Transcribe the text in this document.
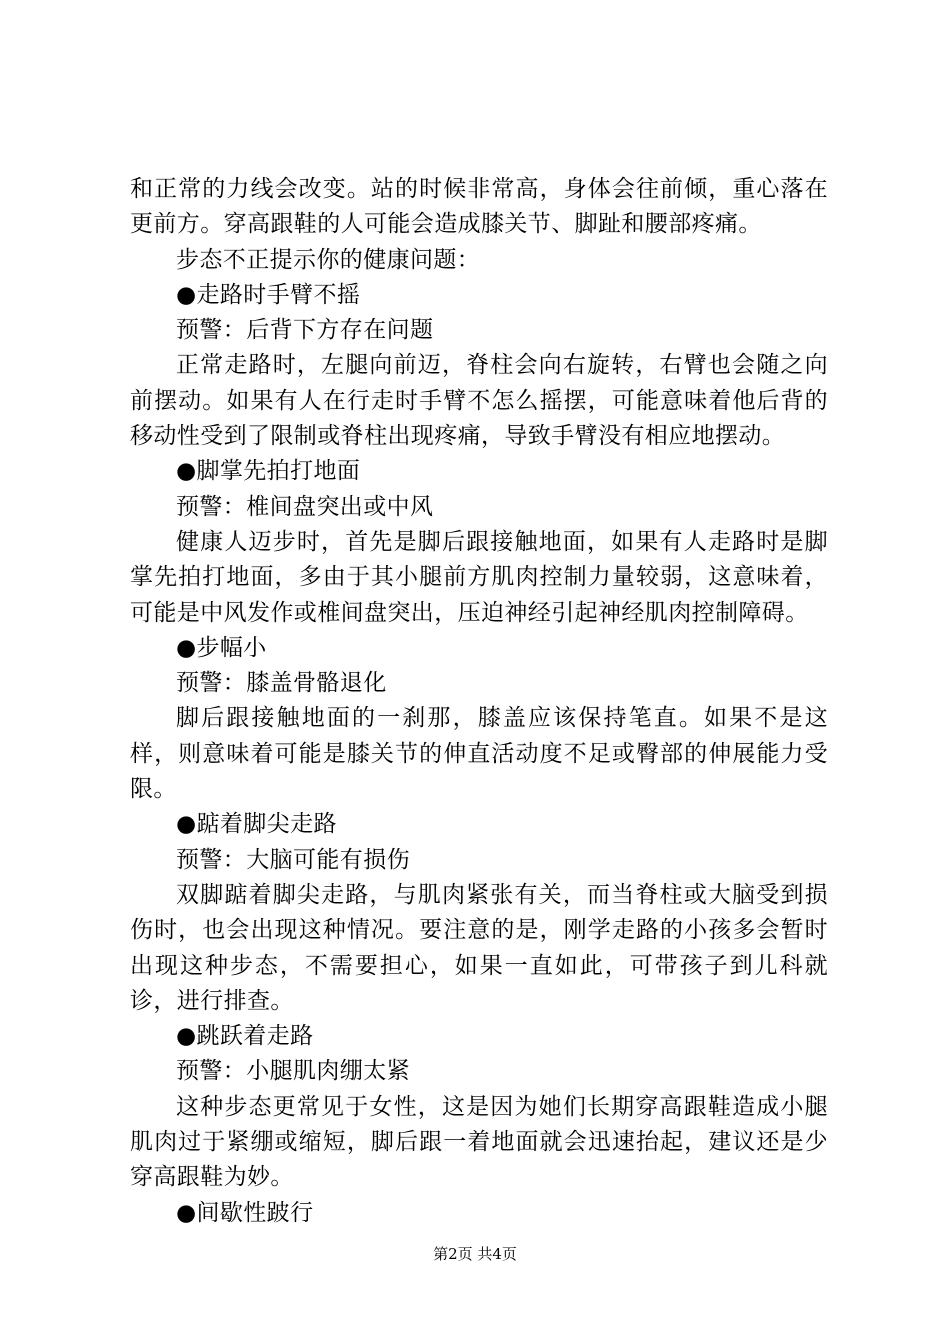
和正常的力线会改变。站的时候非常高，身体会往前倾，重心落在更前方。穿高跟鞋的人可能会造成膝关节、脚趾和腰部疼痛。

步态不正提示你的健康问题：

●走路时手臂不摇

预警：后背下方存在问题

正常走路时，左腿向前迈，脊柱会向右旋转，右臂也会随之向前摆动。如果有人在行走时手臂不怎么摇摆，可能意味着他后背的移动性受到了限制或脊柱出现疼痛，导致手臂没有相应地摆动。

●脚掌先拍打地面

预警：椎间盘突出或中风

健康人迈步时，首先是脚后跟接触地面，如果有人走路时是脚掌先拍打地面，多由于其小腿前方肌肉控制力量较弱，这意味着，可能是中风发作或椎间盘突出，压迫神经引起神经肌肉控制障碍。

●步幅小

预警：膝盖骨骼退化

脚后跟接触地面的一刹那，膝盖应该保持笔直。如果不是这样，则意味着可能是膝关节的伸直活动度不足或臀部的伸展能力受限。

●踮着脚尖走路

预警：大脑可能有损伤

双脚踮着脚尖走路，与肌肉紧张有关，而当脊柱或大脑受到损伤时，也会出现这种情况。要注意的是，刚学走路的小孩多会暂时出现这种步态，不需要担心，如果一直如此，可带孩子到儿科就诊，进行排查。

●跳跃着走路

预警：小腿肌肉绷太紧

这种步态更常见于女性，这是因为她们长期穿高跟鞋造成小腿肌肉过于紧绷或缩短，脚后跟一着地面就会迅速抬起，建议还是少穿高跟鞋为妙。

●间歇性跛行

第2页 共4页
